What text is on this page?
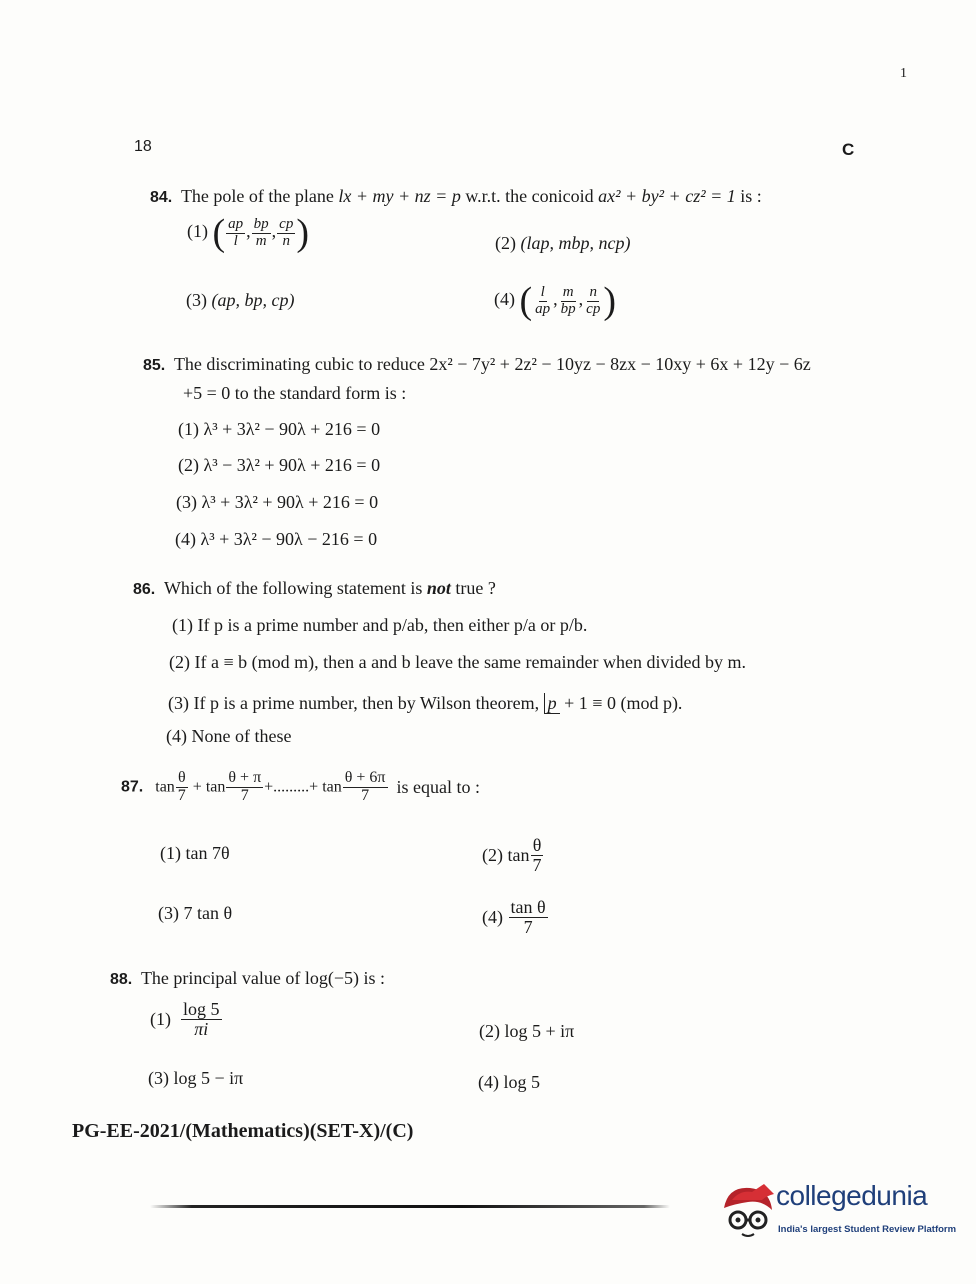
1
18	C
84. The pole of the plane lx + my + nz = p w.r.t. the conicoid ax² + by² + cz² = 1 is :
(1) ( $\frac{ap}{l}$ , $\frac{bp}{m}$ , $\frac{cp}{n}$ )	(2) (lap, mbp, ncp)
(3) (ap, bp, cp)	(4) ( $\frac{l}{ap}$ , $\frac{m}{bp}$ , $\frac{n}{cp}$ )
85. The discriminating cubic to reduce 2x² − 7y² + 2z² − 10yz − 8zx − 10xy + 6x + 12y − 6z
+5 = 0 to the standard form is :
(1) λ³ + 3λ² − 90λ + 216 = 0
(2) λ³ − 3λ² + 90λ + 216 = 0
(3) λ³ + 3λ² + 90λ + 216 = 0
(4) λ³ + 3λ² − 90λ − 216 = 0
86. Which of the following statement is not true ?
(1) If p is a prime number and p/ab, then either p/a or p/b.
(2) If a ≡ b (mod m), then a and b leave the same remainder when divided by m.
(3) If p is a prime number, then by Wilson theorem, p + 1 ≡ 0 (mod p).
(4) None of these
87. $\tan \frac{\theta}{7} + \tan \frac{\theta + \pi}{7}$ +.........+ $\tan \frac{\theta + 6\pi}{7}$ is equal to :
(1) tan 7θ	(2) $\tan \frac{\theta}{7}$
(3) 7 tan θ	$(4) \frac{\text{tan θ}}{7}$
88. The principal value of log(−5) is :
$(1) \frac{\log 5}{\pi i}$	(2) log 5 + iπ
(3) log 5 − iπ	(4) log 5
PG-EE-2021/(Mathematics)(SET-X)/(C)
collegedunia
India's largest Student Review Platform
